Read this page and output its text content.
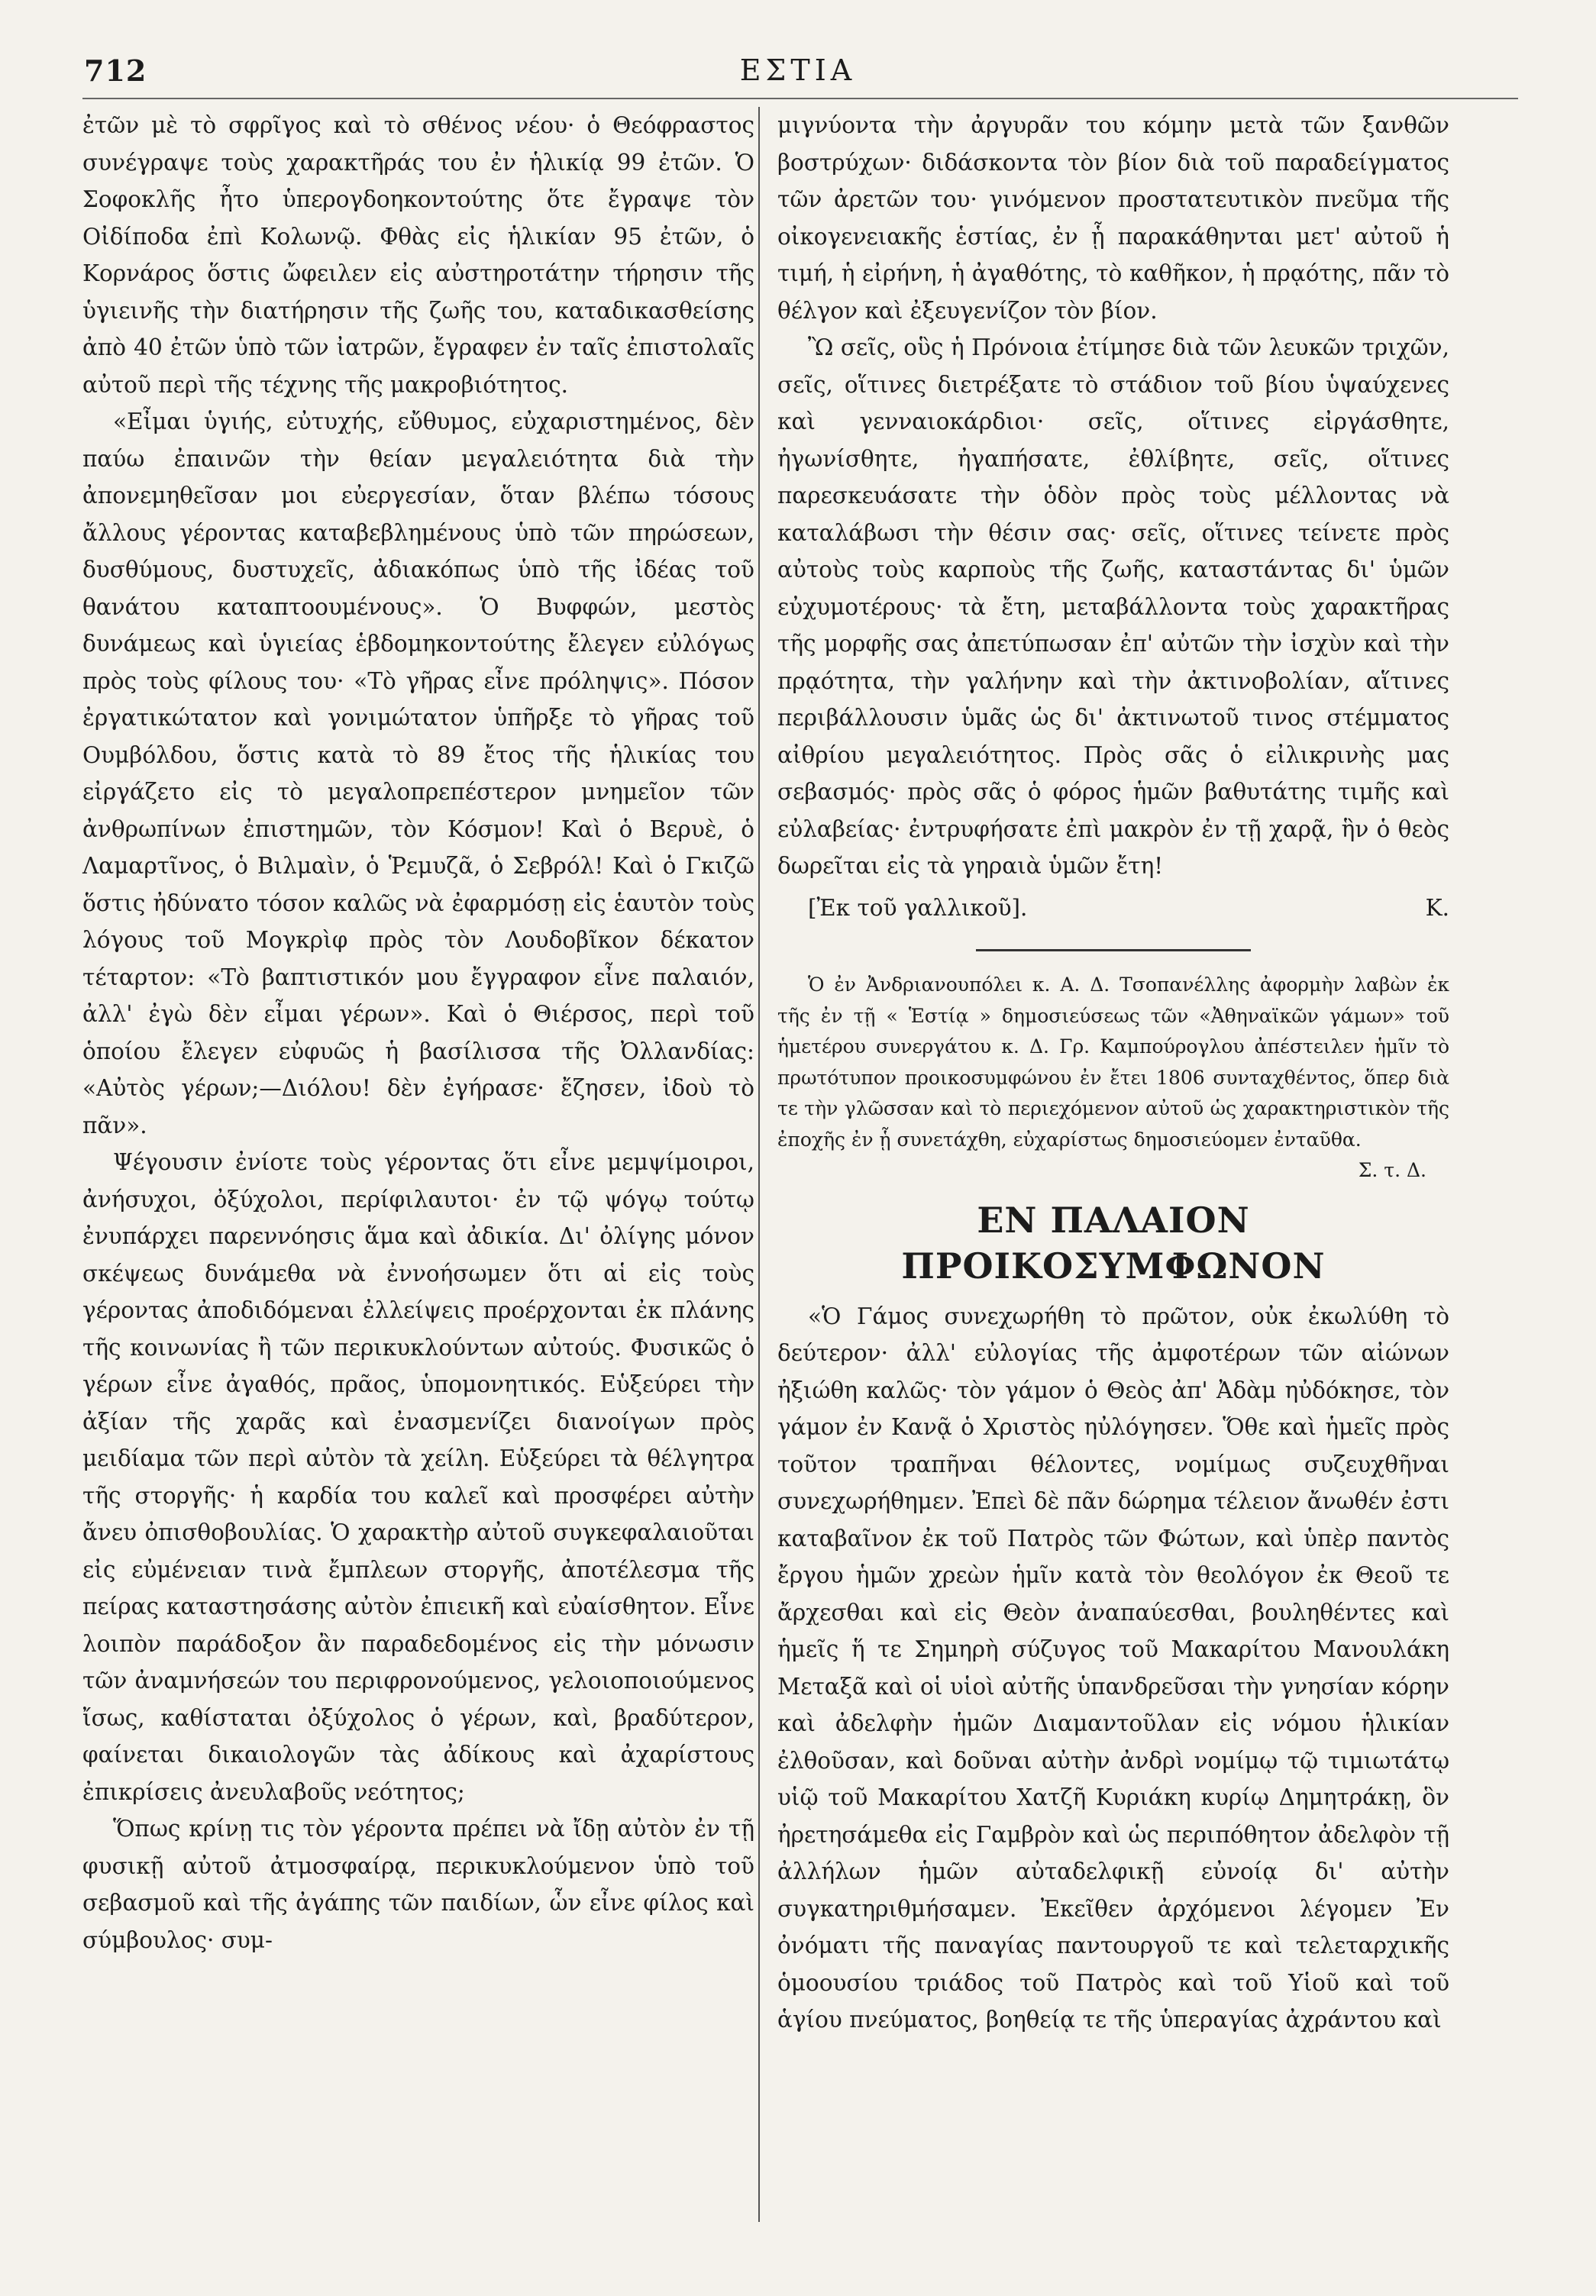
712	ΕΣΤΙΑ

ἐτῶν μὲ τὸ σφρῖγος καὶ τὸ σθένος νέου· ὁ Θεόφραστος συνέγραψε τοὺς χαρακτῆράς του ἐν ἡλικίᾳ 99 ἐτῶν. Ὁ Σοφοκλῆς ἦτο ὑπερογδοηκοντούτης ὅτε ἔγραψε τὸν Οἰδίποδα ἐπὶ Κολωνῷ. Φθὰς εἰς ἡλικίαν 95 ἐτῶν, ὁ Κορνάρος ὅστις ὤφειλεν εἰς αὐστηροτάτην τήρησιν τῆς ὑγιεινῆς τὴν διατήρησιν τῆς ζωῆς του, καταδικασθείσης ἀπὸ 40 ἐτῶν ὑπὸ τῶν ἰατρῶν, ἔγραφεν ἐν ταῖς ἐπιστολαῖς αὐτοῦ περὶ τῆς τέχνης τῆς μακροβιότητος.

«Εἶμαι ὑγιής, εὐτυχής, εὔθυμος, εὐχαριστημένος, δὲν παύω ἐπαινῶν τὴν θείαν μεγαλειότητα διὰ τὴν ἀπονεμηθεῖσαν μοι εὐεργεσίαν, ὅταν βλέπω τόσους ἄλλους γέροντας καταβεβλημένους ὑπὸ τῶν πηρώσεων, δυσθύμους, δυστυχεῖς, ἀδιακόπως ὑπὸ τῆς ἰδέας τοῦ θανάτου καταπτοουμένους». Ὁ Βυφφών, μεστὸς δυνάμεως καὶ ὑγιείας ἑβδομηκοντούτης ἔλεγεν εὐλόγως πρὸς τοὺς φίλους του· «Τὸ γῆρας εἶνε πρόληψις». Πόσον ἐργατικώτατον καὶ γονιμώτατον ὑπῆρξε τὸ γῆρας τοῦ Ουμβόλδου, ὅστις κατὰ τὸ 89 ἔτος τῆς ἡλικίας του εἰργάζετο εἰς τὸ μεγαλοπρεπέστερον μνημεῖον τῶν ἀνθρωπίνων ἐπιστημῶν, τὸν Κόσμον! Καὶ ὁ Βερυὲ, ὁ Λαμαρτῖνος, ὁ Βιλμαὶν, ὁ Ῥεμυζᾶ, ὁ Σεβρόλ! Καὶ ὁ Γκιζῶ ὅστις ἠδύνατο τόσον καλῶς νὰ ἐφαρμόσῃ εἰς ἑαυτὸν τοὺς λόγους τοῦ Μογκρὶφ πρὸς τὸν Λουδοβῖκον δέκατον τέταρτον: «Τὸ βαπτιστικόν μου ἔγγραφον εἶνε παλαιόν, ἀλλ' ἐγὼ δὲν εἶμαι γέρων». Καὶ ὁ Θιέρσος, περὶ τοῦ ὁποίου ἔλεγεν εὐφυῶς ἡ βασίλισσα τῆς Ὀλλανδίας: «Αὐτὸς γέρων;—Διόλου! δὲν ἐγήρασε· ἔζησεν, ἰδοὺ τὸ πᾶν».

Ψέγουσιν ἐνίοτε τοὺς γέροντας ὅτι εἶνε μεμψίμοιροι, ἀνήσυχοι, ὀξύχολοι, περίφιλαυτοι· ἐν τῷ ψόγῳ τούτῳ ἐνυπάρχει παρεννόησις ἅμα καὶ ἀδικία. Δι' ὀλίγης μόνον σκέψεως δυνάμεθα νὰ ἐννοήσωμεν ὅτι αἱ εἰς τοὺς γέροντας ἀποδιδόμεναι ἐλλείψεις προέρχονται ἐκ πλάνης τῆς κοινωνίας ἢ τῶν περικυκλούντων αὐτούς. Φυσικῶς ὁ γέρων εἶνε ἀγαθός, πρᾶος, ὑπομονητικός. Εὑξεύρει τὴν ἀξίαν τῆς χαρᾶς καὶ ἐνασμενίζει διανοίγων πρὸς μειδίαμα τῶν περὶ αὐτὸν τὰ χείλη. Εὑξεύρει τὰ θέλγητρα τῆς στοργῆς· ἡ καρδία του καλεῖ καὶ προσφέρει αὐτὴν ἄνευ ὀπισθοβουλίας. Ὁ χαρακτὴρ αὐτοῦ συγκεφαλαιοῦται εἰς εὐμένειαν τινὰ ἔμπλεων στοργῆς, ἀποτέλεσμα τῆς πείρας καταστησάσης αὐτὸν ἐπιεικῆ καὶ εὐαίσθητον. Εἶνε λοιπὸν παράδοξον ἂν παραδεδομένος εἰς τὴν μόνωσιν τῶν ἀναμνήσεών του περιφρονούμενος, γελοιοποιούμενος ἴσως, καθίσταται ὀξύχολος ὁ γέρων, καὶ, βραδύτερον, φαίνεται δικαιολογῶν τὰς ἀδίκους καὶ ἀχαρίστους ἐπικρίσεις ἀνευλαβοῦς νεότητος;

Ὅπως κρίνῃ τις τὸν γέροντα πρέπει νὰ ἴδῃ αὐτὸν ἐν τῇ φυσικῇ αὐτοῦ ἀτμοσφαίρᾳ, περικυκλούμενον ὑπὸ τοῦ σεβασμοῦ καὶ τῆς ἀγάπης τῶν παιδίων, ὧν εἶνε φίλος καὶ σύμβουλος· συμ-

μιγνύοντα τὴν ἀργυρᾶν του κόμην μετὰ τῶν ξανθῶν βοστρύχων· διδάσκοντα τὸν βίον διὰ τοῦ παραδείγματος τῶν ἀρετῶν του· γινόμενον προστατευτικὸν πνεῦμα τῆς οἰκογενειακῆς ἑστίας, ἐν ᾗ παρακάθηνται μετ' αὐτοῦ ἡ τιμή, ἡ εἰρήνη, ἡ ἀγαθότης, τὸ καθῆκον, ἡ πρᾳότης, πᾶν τὸ θέλγον καὶ ἐξευγενίζον τὸν βίον.

Ὢ σεῖς, οὓς ἡ Πρόνοια ἐτίμησε διὰ τῶν λευκῶν τριχῶν, σεῖς, οἵτινες διετρέξατε τὸ στάδιον τοῦ βίου ὑψαύχενες καὶ γενναιοκάρδιοι· σεῖς, οἵτινες εἰργάσθητε, ἠγωνίσθητε, ἠγαπήσατε, ἐθλίβητε, σεῖς, οἵτινες παρεσκευάσατε τὴν ὁδὸν πρὸς τοὺς μέλλοντας νὰ καταλάβωσι τὴν θέσιν σας· σεῖς, οἵτινες τείνετε πρὸς αὐτοὺς τοὺς καρποὺς τῆς ζωῆς, καταστάντας δι' ὑμῶν εὐχυμοτέρους· τὰ ἔτη, μεταβάλλοντα τοὺς χαρακτῆρας τῆς μορφῆς σας ἀπετύπωσαν ἐπ' αὐτῶν τὴν ἰσχὺν καὶ τὴν πρᾳότητα, τὴν γαλήνην καὶ τὴν ἀκτινοβολίαν, αἵτινες περιβάλλουσιν ὑμᾶς ὡς δι' ἀκτινωτοῦ τινος στέμματος αἰθρίου μεγαλειότητος. Πρὸς σᾶς ὁ εἰλικρινὴς μας σεβασμός· πρὸς σᾶς ὁ φόρος ἡμῶν βαθυτάτης τιμῆς καὶ εὐλαβείας· ἐντρυφήσατε ἐπὶ μακρὸν ἐν τῇ χαρᾷ, ἣν ὁ θεὸς δωρεῖται εἰς τὰ γηραιὰ ὑμῶν ἔτη!

[Ἐκ τοῦ γαλλικοῦ].	Κ.

Ὁ ἐν Ἀνδριανουπόλει κ. Α. Δ. Τσοπανέλλης ἀφορμὴν λαβὼν ἐκ τῆς ἐν τῇ « Ἑστίᾳ » δημοσιεύσεως τῶν «Ἀθηναϊκῶν γάμων» τοῦ ἡμετέρου συνεργάτου κ. Δ. Γρ. Καμπούρογλου ἀπέστειλεν ἡμῖν τὸ πρωτότυπον προικοσυμφώνου ἐν ἔτει 1806 συνταχθέντος, ὅπερ διὰ τε τὴν γλῶσσαν καὶ τὸ περιεχόμενον αὐτοῦ ὡς χαρακτηριστικὸν τῆς ἐποχῆς ἐν ᾗ συνετάχθη, εὐχαρίστως δημοσιεύομεν ἐνταῦθα.

Σ. τ. Δ.
ΕΝ ΠΑΛΑΙΟΝ ΠΡΟΙΚΟΣΥΜΦΩΝΟΝ

«Ὁ Γάμος συνεχωρήθη τὸ πρῶτον, οὐκ ἐκωλύθη τὸ δεύτερον· ἀλλ' εὐλογίας τῆς ἀμφοτέρων τῶν αἰώνων ἠξιώθη καλῶς· τὸν γάμον ὁ Θεὸς ἀπ' Ἀδὰμ ηὐδόκησε, τὸν γάμον ἐν Κανᾷ ὁ Χριστὸς ηὐλόγησεν. Ὅθε καὶ ἡμεῖς πρὸς τοῦτον τραπῆναι θέλοντες, νομίμως συζευχθῆναι συνεχωρήθημεν. Ἐπεὶ δὲ πᾶν δώρημα τέλειον ἄνωθέν ἐστι καταβαῖνον ἐκ τοῦ Πατρὸς τῶν Φώτων, καὶ ὑπὲρ παντὸς ἔργου ἡμῶν χρεὼν ἡμῖν κατὰ τὸν θεολόγον ἐκ Θεοῦ τε ἄρχεσθαι καὶ εἰς Θεὸν ἀναπαύεσθαι, βουληθέντες καὶ ἡμεῖς ἥ τε Σημηρὴ σύζυγος τοῦ Μακαρίτου Μανουλάκη Μεταξᾶ καὶ οἱ υἱοὶ αὐτῆς ὑπανδρεῦσαι τὴν γνησίαν κόρην καὶ ἀδελφὴν ἡμῶν Διαμαντοῦλαν εἰς νόμου ἡλικίαν ἐλθοῦσαν, καὶ δοῦναι αὐτὴν ἀνδρὶ νομίμῳ τῷ τιμιωτάτῳ υἱῷ τοῦ Μακαρίτου Χατζῆ Κυριάκη κυρίῳ Δημητράκῃ, ὃν ἠρετησάμεθα εἰς Γαμβρὸν καὶ ὡς περιπόθητον ἀδελφὸν τῇ ἀλλήλων ἡμῶν αὐταδελφικῇ εὐνοίᾳ δι' αὐτὴν συγκατηριθμήσαμεν. Ἐκεῖθεν ἀρχόμενοι λέγομεν Ἐν ὀνόματι τῆς παναγίας παντουργοῦ τε καὶ τελεταρχικῆς ὁμοουσίου τριάδος τοῦ Πατρὸς καὶ τοῦ Υἱοῦ καὶ τοῦ ἁγίου πνεύματος, βοηθείᾳ τε τῆς ὑπεραγίας ἀχράντου καὶ
